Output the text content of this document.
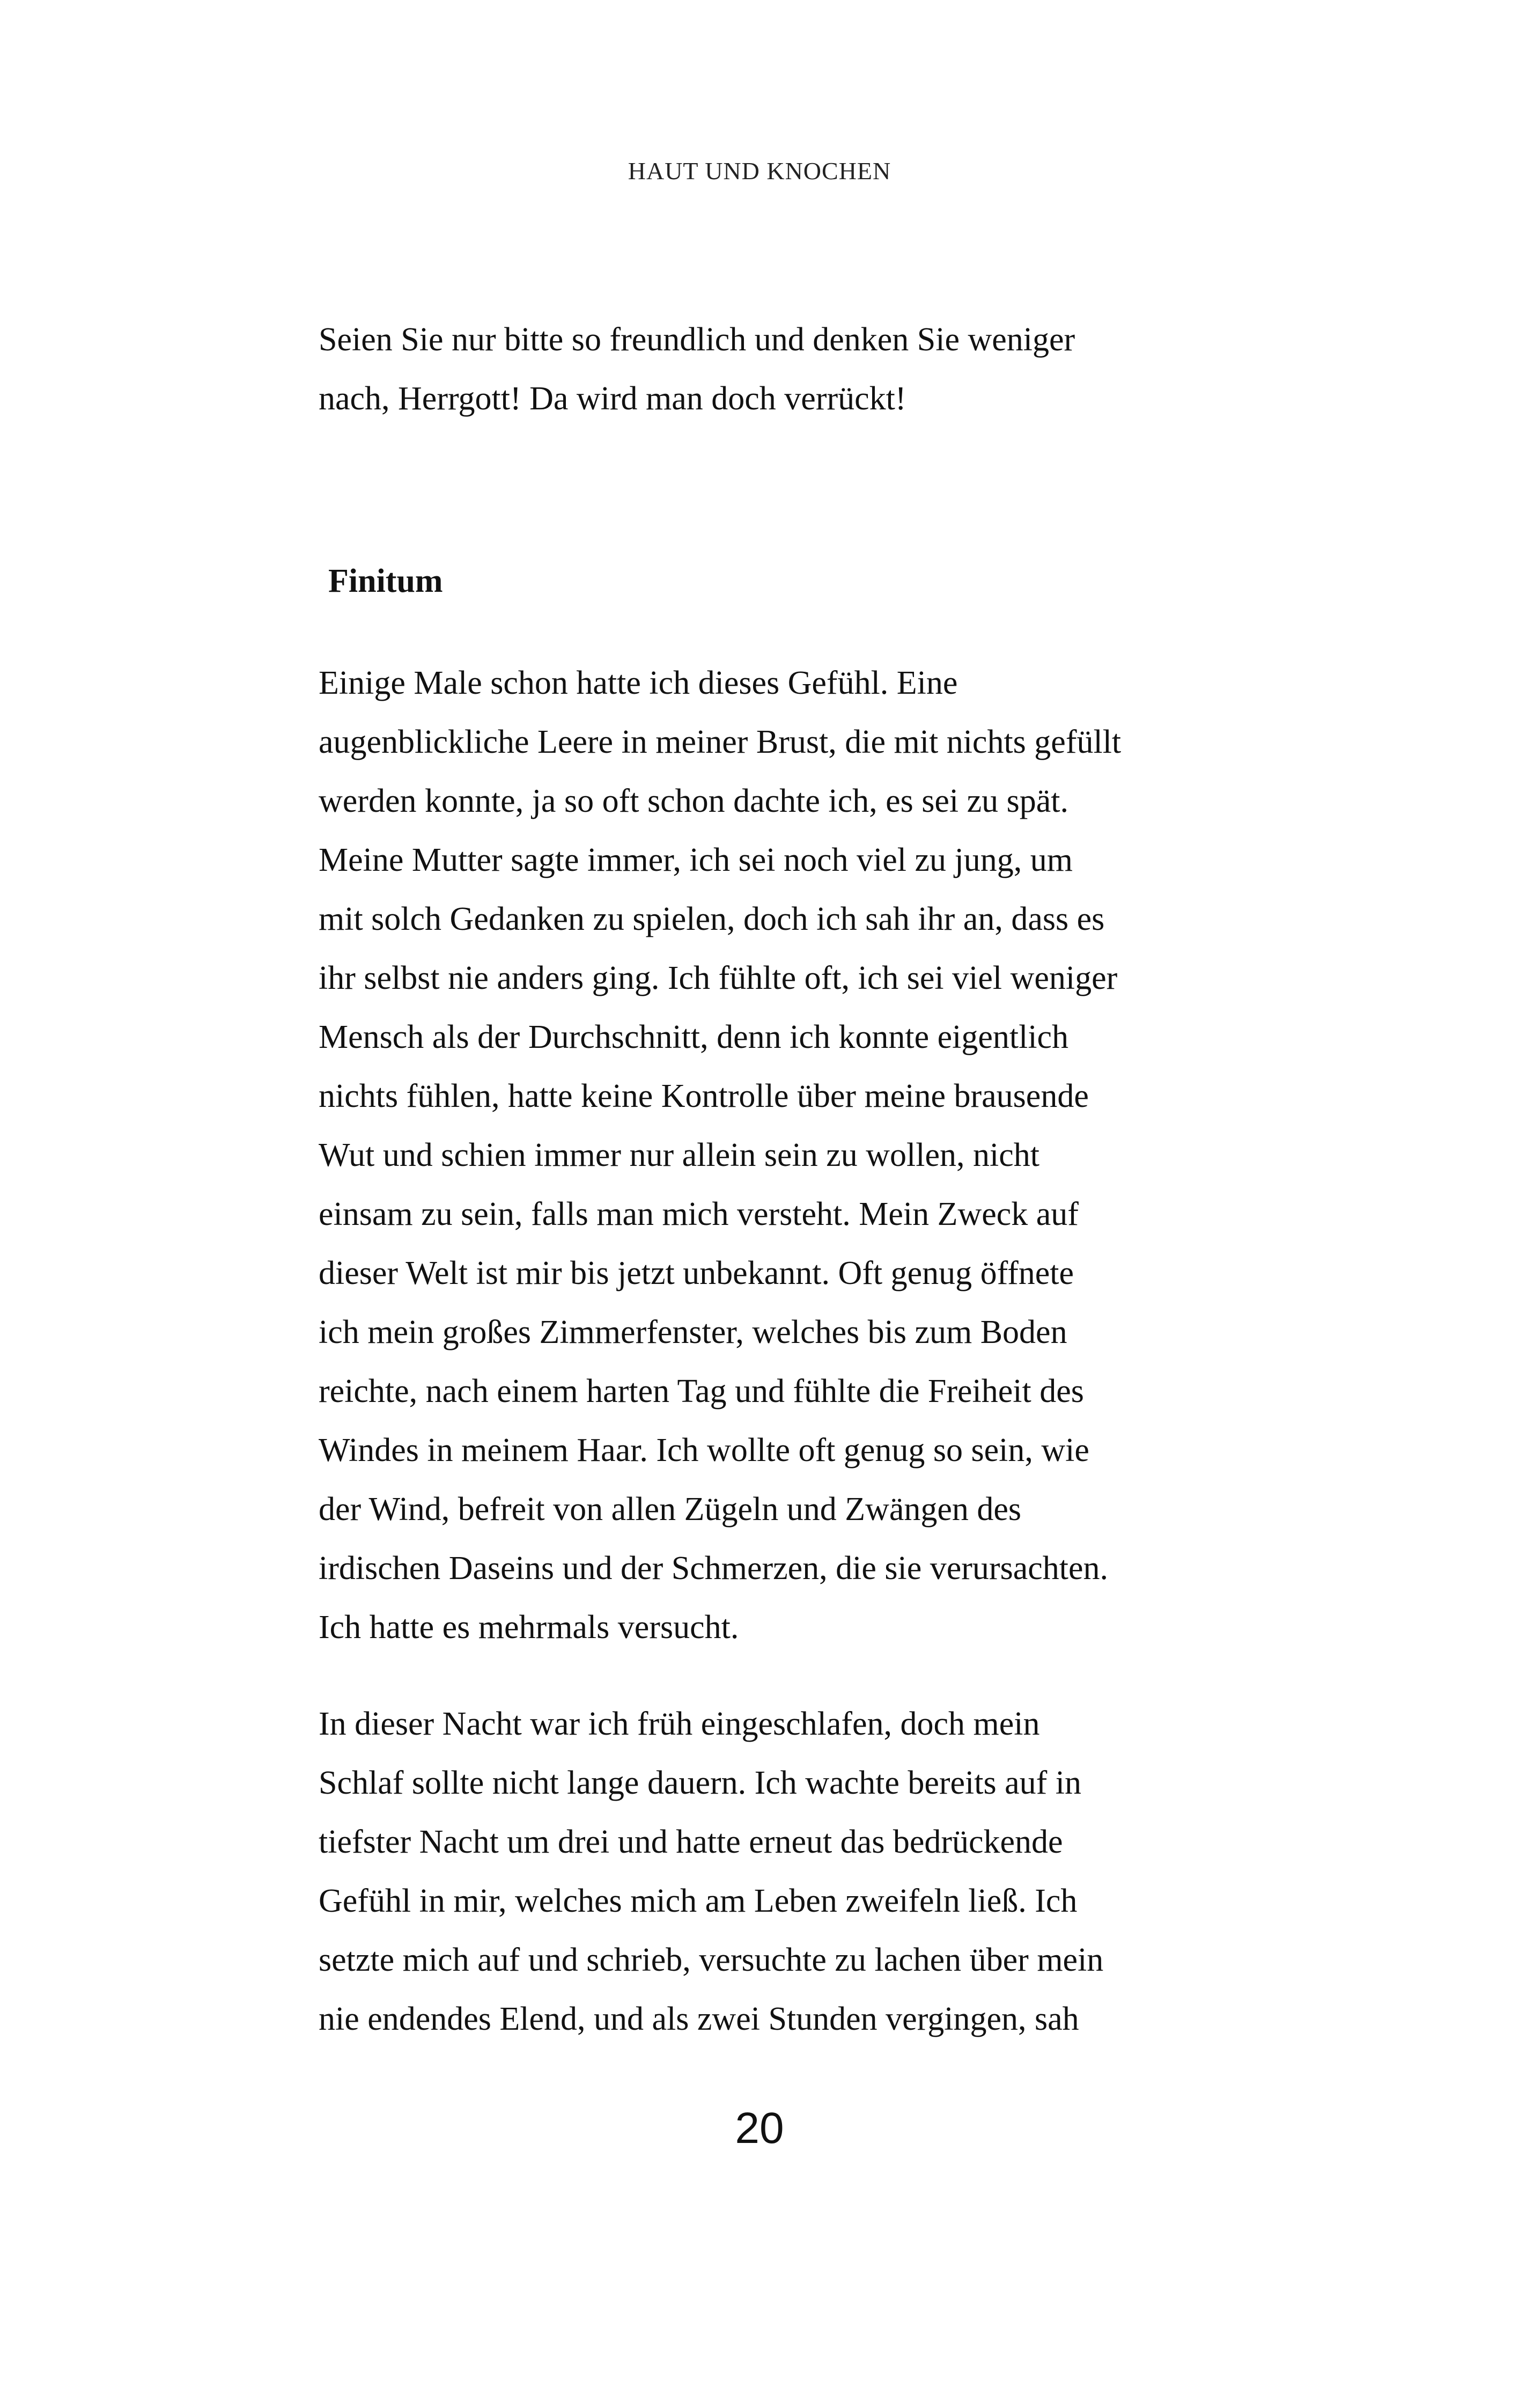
HAUT UND KNOCHEN
Seien Sie nur bitte so freundlich und denken Sie weniger
nach, Herrgott! Da wird man doch verrückt!
Finitum
Einige Male schon hatte ich dieses Gefühl. Eine
augenblickliche Leere in meiner Brust, die mit nichts gefüllt
werden konnte, ja so oft schon dachte ich, es sei zu spät.
Meine Mutter sagte immer, ich sei noch viel zu jung, um
mit solch Gedanken zu spielen, doch ich sah ihr an, dass es
ihr selbst nie anders ging. Ich fühlte oft, ich sei viel weniger
Mensch als der Durchschnitt, denn ich konnte eigentlich
nichts fühlen, hatte keine Kontrolle über meine brausende
Wut und schien immer nur allein sein zu wollen, nicht
einsam zu sein, falls man mich versteht. Mein Zweck auf
dieser Welt ist mir bis jetzt unbekannt. Oft genug öffnete
ich mein großes Zimmerfenster, welches bis zum Boden
reichte, nach einem harten Tag und fühlte die Freiheit des
Windes in meinem Haar. Ich wollte oft genug so sein, wie
der Wind, befreit von allen Zügeln und Zwängen des
irdischen Daseins und der Schmerzen, die sie verursachten.
Ich hatte es mehrmals versucht.
In dieser Nacht war ich früh eingeschlafen, doch mein
Schlaf sollte nicht lange dauern. Ich wachte bereits auf in
tiefster Nacht um drei und hatte erneut das bedrückende
Gefühl in mir, welches mich am Leben zweifeln ließ. Ich
setzte mich auf und schrieb, versuchte zu lachen über mein
nie endendes Elend, und als zwei Stunden vergingen, sah
20
